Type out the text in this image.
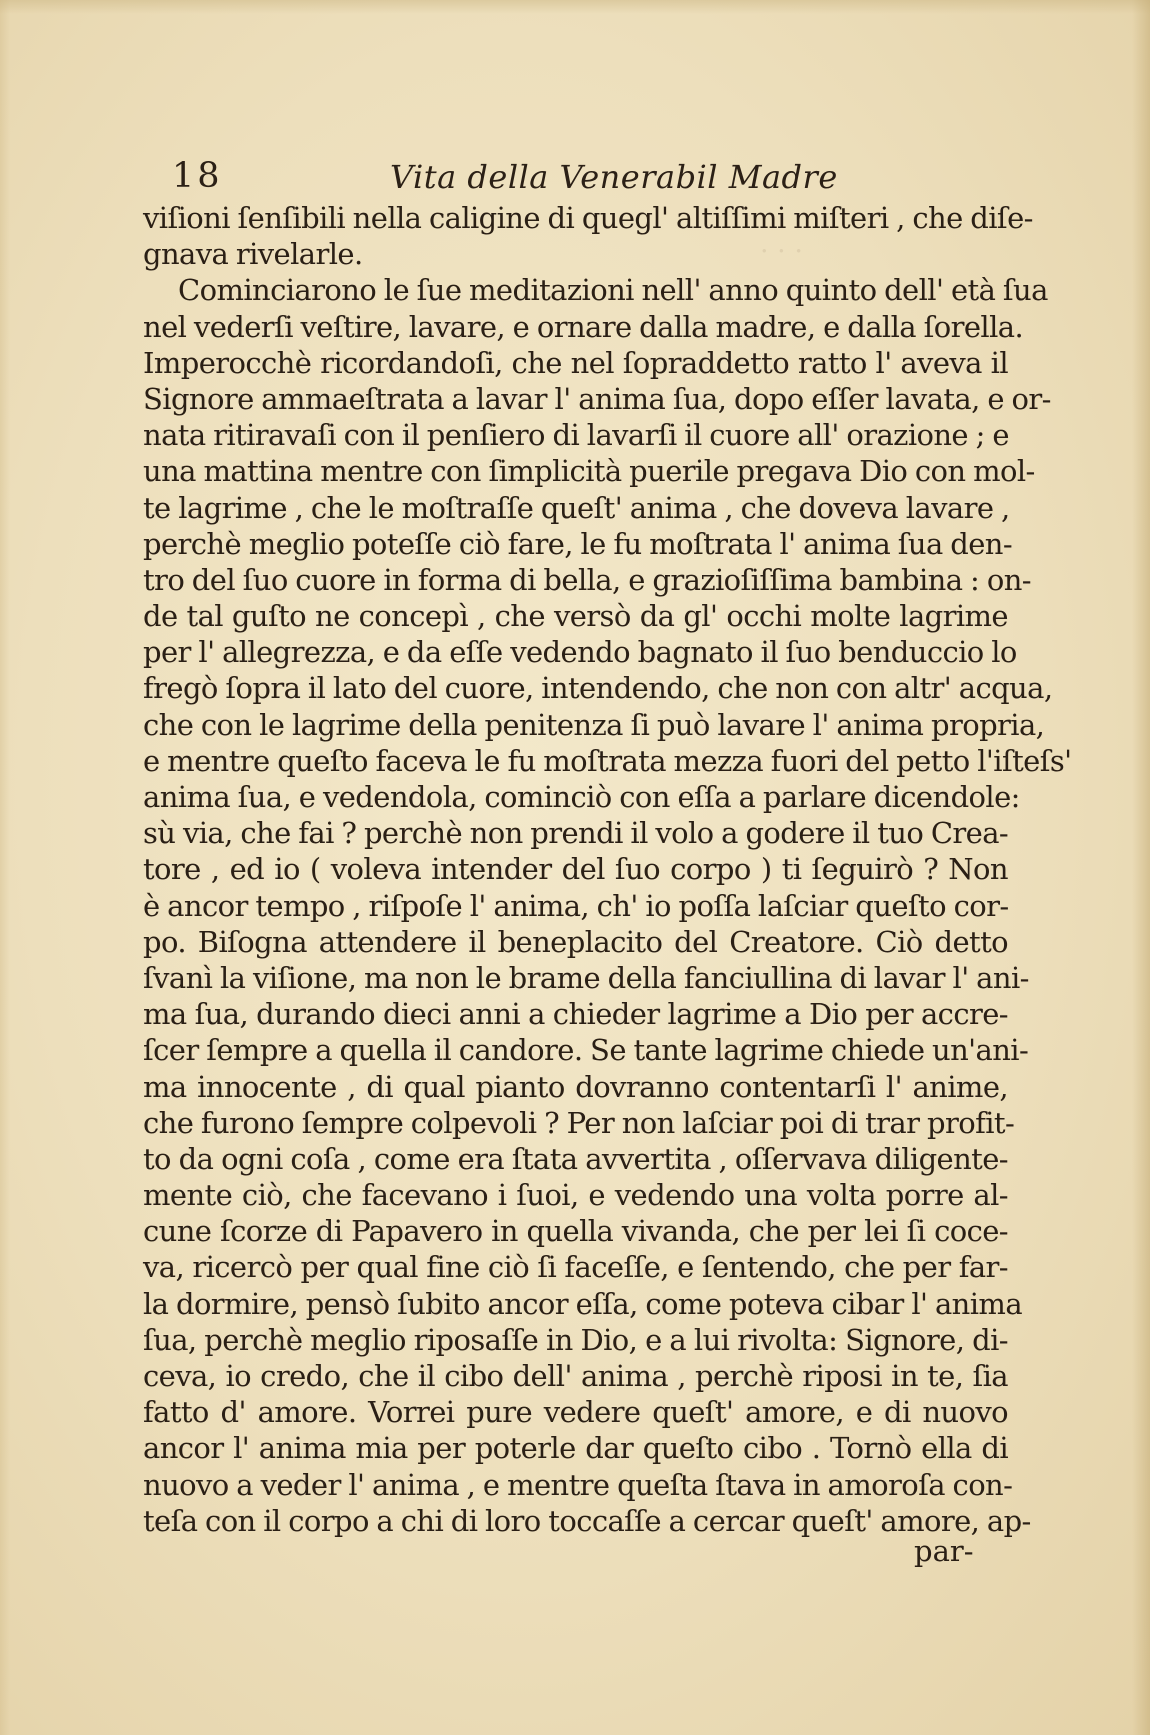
· · ·
18	Vita della Venerabil Madre
viſioni ſenſibili nella caligine di quegl' altiſſimi miſteri , che diſe-
gnava rivelarle.
Cominciarono le ſue meditazioni nell' anno quinto dell' età ſua
nel vederſi veſtire, lavare, e ornare dalla madre, e dalla ſorella.
Imperocchè ricordandoſi, che nel ſopraddetto ratto l' aveva il
Signore ammaeſtrata a lavar l' anima ſua, dopo eſſer lavata, e or-
nata ritiravaſi con il penſiero di lavarſi il cuore all' orazione ; e
una mattina mentre con ſimplicità puerile pregava Dio con mol-
te lagrime , che le moſtraſſe queſt' anima , che doveva lavare ,
perchè meglio poteſſe ciò fare, le fu moſtrata l' anima ſua den-
tro del ſuo cuore in forma di bella, e grazioſiſſima bambina : on-
de tal guſto ne concepì , che versò da gl' occhi molte lagrime
per l' allegrezza, e da eſſe vedendo bagnato il ſuo benduccio lo
fregò ſopra il lato del cuore, intendendo, che non con altr' acqua,
che con le lagrime della penitenza ſi può lavare l' anima propria,
e mentre queſto faceva le fu moſtrata mezza fuori del petto l'iſteſs'
anima ſua, e vedendola, cominciò con eſſa a parlare dicendole:
sù via, che fai ? perchè non prendi il volo a godere il tuo Crea-
tore , ed io ( voleva intender del ſuo corpo ) ti ſeguirò ? Non
è ancor tempo , riſpoſe l' anima, ch' io poſſa laſciar queſto cor-
po. Biſogna attendere il beneplacito del Creatore. Ciò detto
ſvanì la viſione, ma non le brame della fanciullina di lavar l' ani-
ma ſua, durando dieci anni a chieder lagrime a Dio per accre-
ſcer ſempre a quella il candore. Se tante lagrime chiede un'ani-
ma innocente , di qual pianto dovranno contentarſi l' anime,
che furono ſempre colpevoli ? Per non laſciar poi di trar profit-
to da ogni coſa , come era ſtata avvertita , oſſervava diligente-
mente ciò, che facevano i ſuoi, e vedendo una volta porre al-
cune ſcorze di Papavero in quella vivanda, che per lei ſi coce-
va, ricercò per qual fine ciò ſi faceſſe, e ſentendo, che per far-
la dormire, pensò ſubito ancor eſſa, come poteva cibar l' anima
ſua, perchè meglio riposaſſe in Dio, e a lui rivolta: Signore, di-
ceva, io credo, che il cibo dell' anima , perchè riposi in te, ſia
fatto d' amore. Vorrei pure vedere queſt' amore, e di nuovo
ancor l' anima mia per poterle dar queſto cibo . Tornò ella di
nuovo a veder l' anima , e mentre queſta ſtava in amoroſa con-
teſa con il corpo a chi di loro toccaſſe a cercar queſt' amore, ap-
par-
